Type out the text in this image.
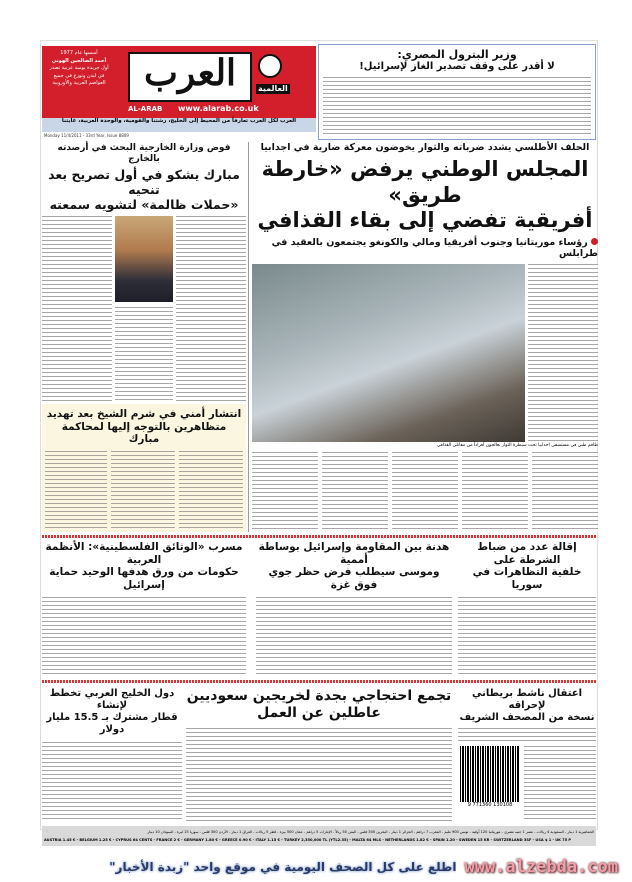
أسسها عام 1977
أحمد الصالحين الهوني
أول جريدة يومية عربية تصدر في لندن وتوزع في جميع العواصم العربية والأوروبية	العرب	العالمية
AL-ARAB www.alarab.co.uk
العرب لكل العرب تعارفاً من المحيط إلى الخليج، رشتنا والقومية، والوحدة العربية، غايتنا
Monday 11/4/2011 - 33rd Year, Issue 8809
وزير البترول المصري:
لا أقدر على وقف تصدير الغاز لإسرائيل!
الحلف الأطلسي يشدد ضرباته والثوار يخوضون معركة ضارية في اجدابيا
المجلس الوطني يرفض «خارطة طريق»
أفريقية تفضي إلى بقاء القذافي
رؤساء موريتانيا وجنوب أفريقيا ومالي والكونغو يجتمعون بالعقيد في طرابلس
طاقم طبي في مستشفى اجدابيا تحت سيطرة الثوار يعالجون أفراداً من مقاتلي القذافي
فوض وزارة الخارجية البحث في أرصدته بالخارج
مبارك يشكو في أول تصريح بعد تنحيه
«حملات ظالمة» لتشويه سمعته
انتشار أمني في شرم الشيخ بعد تهديد
متظاهرين بالتوجه إليها لمحاكمة مبارك
إقالة عدد من ضباط الشرطة على
خلفية التظاهرات في سوريا
هدنة بين المقاومة وإسرائيل بوساطة أممية
وموسى سيطلب فرض حظر جوي فوق غزة
مسرب «الوثائق الفلسطينية»: الأنظمة العربية
حكومات من ورق هدفها الوحيد حماية إسرائيل
اعتقال ناشط بريطاني لإحراقه
نسخة من المصحف الشريف
تجمع احتجاجي بجدة لخريجين سعوديين
عاطلين عن العمل
دول الخليج العربي تخطط لإنشاء
قطار مشترك بـ 15.5 مليار دولار
9 771360 130108
الجماهيرية 1 دينار - السعودية 4 ريالات - مصر 1 جنيه مصري - موريتانيا 120 أوقية - تونس 900 مليم - المغرب 7 دراهم - الجزائر 1 دينار - البحرين 300 فلس - اليمن 50 ريالاً - الإمارات 5 دراهم - عمان 500 بيزة - قطر 5 ريالات - العراق 1 دينار - الأردن 300 فلس - سوريا 15 ليرة - السودان 10 دينار
AUSTRIA 1.45 € - BELGIUM 1.25 € - CYPRUS 64 CENTS - FRANCE 2 € - GERMANY 1.80 € - GREECE 0.90 € - ITALY 1.15 € - TURKEY 2,350,000 TL (YTL2.35) - MALTA 64 MLS - NETHERLANDS 1.82 € - SPAIN 1.20 - SWEDEN 15 KR - SWITZERLAND 3SF - USA $ 1 - UK 75 P
اطلع على كل الصحف اليومية في موقع واحد "زبدة الأخبار" www.alzebda.com
